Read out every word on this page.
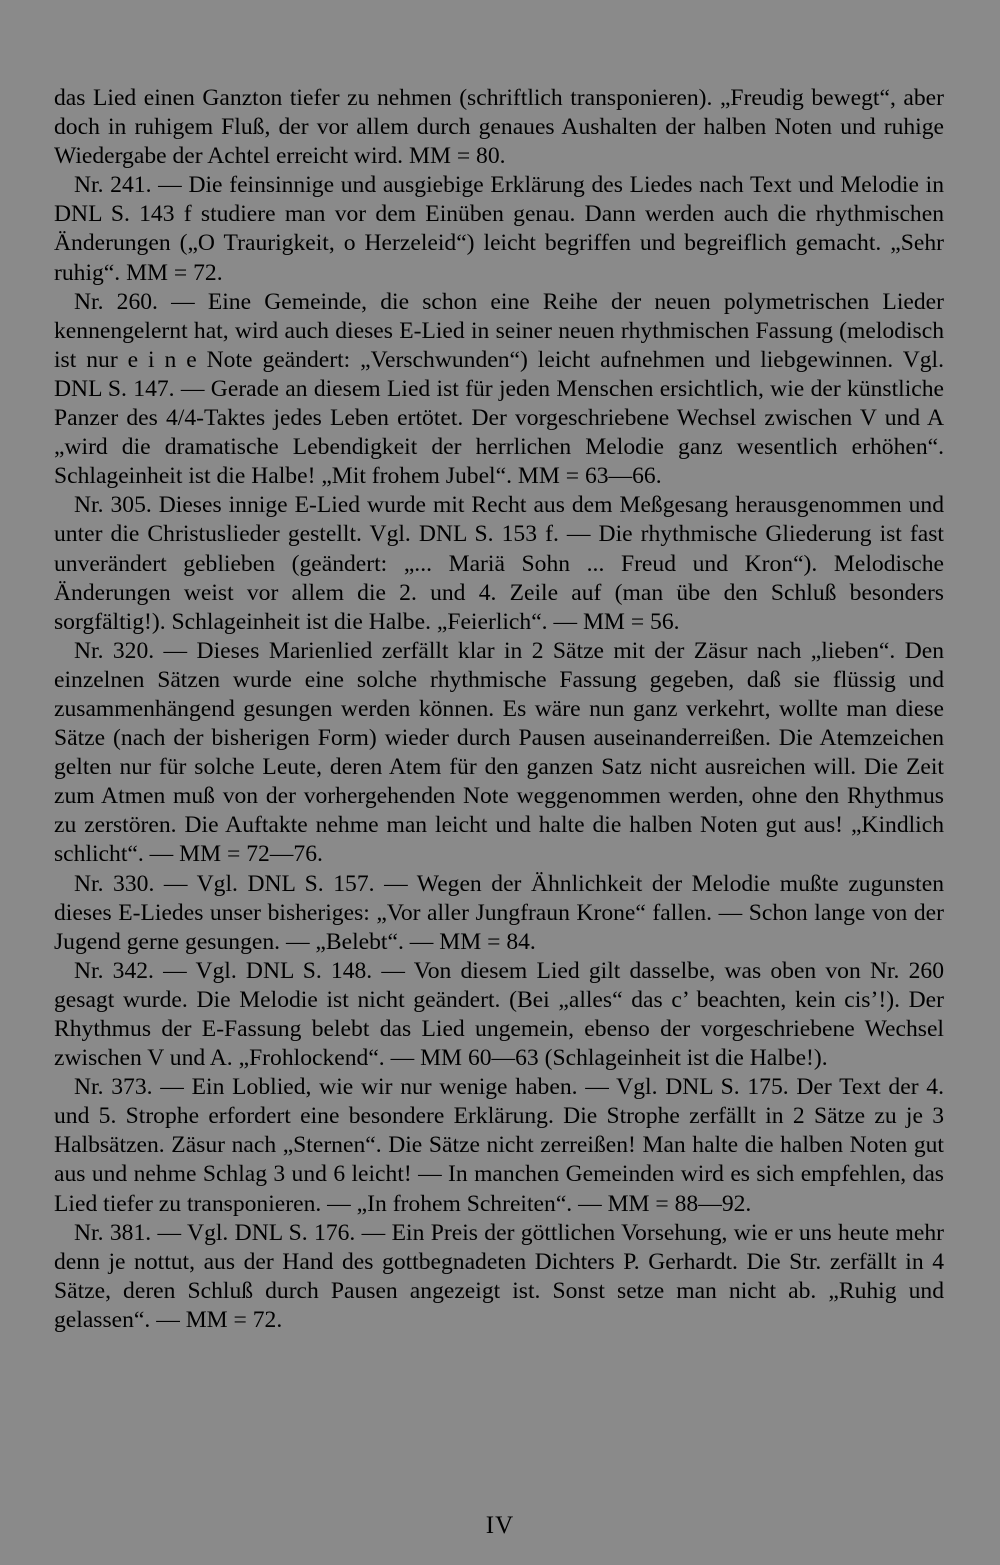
das Lied einen Ganzton tiefer zu nehmen (schriftlich transponieren). „Freudig bewegt“, aber doch in ruhigem Fluß, der vor allem durch genaues Aushalten der halben Noten und ruhige Wiedergabe der Achtel erreicht wird. MM = 80.

Nr. 241. — Die feinsinnige und ausgiebige Erklärung des Liedes nach Text und Melodie in DNL S. 143 f studiere man vor dem Einüben genau. Dann werden auch die rhythmischen Änderungen („O Traurigkeit, o Herzeleid“) leicht begriffen und begreiflich gemacht. „Sehr ruhig“. MM = 72.

Nr. 260. — Eine Gemeinde, die schon eine Reihe der neuen polymetrischen Lieder kennengelernt hat, wird auch dieses E-Lied in seiner neuen rhythmischen Fassung (melodisch ist nur e i n e Note geändert: „Verschwunden“) leicht aufnehmen und liebgewinnen. Vgl. DNL S. 147. — Gerade an diesem Lied ist für jeden Menschen ersichtlich, wie der künstliche Panzer des 4/4-Taktes jedes Leben ertötet. Der vorgeschriebene Wechsel zwischen V und A „wird die dramatische Lebendigkeit der herrlichen Melodie ganz wesentlich erhöhen“. Schlageinheit ist die Halbe! „Mit frohem Jubel“. MM = 63—66.

Nr. 305. Dieses innige E-Lied wurde mit Recht aus dem Meßgesang herausgenommen und unter die Christuslieder gestellt. Vgl. DNL S. 153 f. — Die rhythmische Gliederung ist fast unverändert geblieben (geändert: „... Mariä Sohn ... Freud und Kron“). Melodische Änderungen weist vor allem die 2. und 4. Zeile auf (man übe den Schluß besonders sorgfältig!). Schlageinheit ist die Halbe. „Feierlich“. — MM = 56.

Nr. 320. — Dieses Marienlied zerfällt klar in 2 Sätze mit der Zäsur nach „lieben“. Den einzelnen Sätzen wurde eine solche rhythmische Fassung gegeben, daß sie flüssig und zusammenhängend gesungen werden können. Es wäre nun ganz verkehrt, wollte man diese Sätze (nach der bisherigen Form) wieder durch Pausen auseinanderreißen. Die Atemzeichen gelten nur für solche Leute, deren Atem für den ganzen Satz nicht ausreichen will. Die Zeit zum Atmen muß von der vorhergehenden Note weggenommen werden, ohne den Rhythmus zu zerstören. Die Auftakte nehme man leicht und halte die halben Noten gut aus! „Kindlich schlicht“. — MM = 72—76.

Nr. 330. — Vgl. DNL S. 157. — Wegen der Ähnlichkeit der Melodie mußte zugunsten dieses E-Liedes unser bisheriges: „Vor aller Jungfraun Krone“ fallen. — Schon lange von der Jugend gerne gesungen. — „Belebt“. — MM = 84.

Nr. 342. — Vgl. DNL S. 148. — Von diesem Lied gilt dasselbe, was oben von Nr. 260 gesagt wurde. Die Melodie ist nicht geändert. (Bei „alles“ das c’ beachten, kein cis’!). Der Rhythmus der E-Fassung belebt das Lied ungemein, ebenso der vorgeschriebene Wechsel zwischen V und A. „Frohlockend“. — MM 60—63 (Schlageinheit ist die Halbe!).

Nr. 373. — Ein Loblied, wie wir nur wenige haben. — Vgl. DNL S. 175. Der Text der 4. und 5. Strophe erfordert eine besondere Erklärung. Die Strophe zerfällt in 2 Sätze zu je 3 Halbsätzen. Zäsur nach „Sternen“. Die Sätze nicht zerreißen! Man halte die halben Noten gut aus und nehme Schlag 3 und 6 leicht! — In manchen Gemeinden wird es sich empfehlen, das Lied tiefer zu transponieren. — „In frohem Schreiten“. — MM = 88—92.

Nr. 381. — Vgl. DNL S. 176. — Ein Preis der göttlichen Vorsehung, wie er uns heute mehr denn je nottut, aus der Hand des gottbegnadeten Dichters P. Gerhardt. Die Str. zerfällt in 4 Sätze, deren Schluß durch Pausen angezeigt ist. Sonst setze man nicht ab. „Ruhig und gelassen“. — MM = 72.

IV
